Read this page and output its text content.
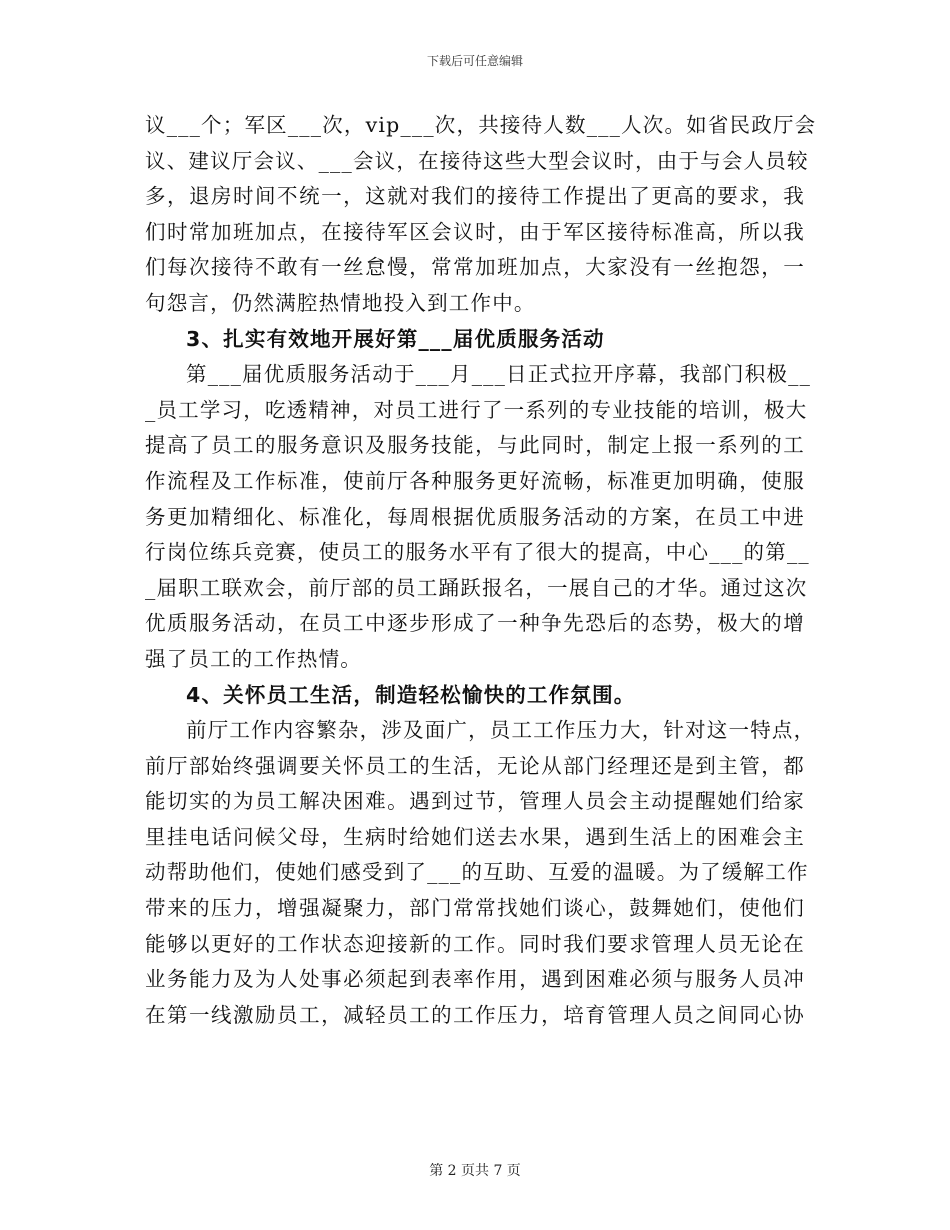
下载后可任意编辑
议___个；军区___次，vip___次，共接待人数___人次。如省民政厅会
议、建议厅会议、___会议，在接待这些大型会议时，由于与会人员较
多，退房时间不统一，这就对我们的接待工作提出了更高的要求，我
们时常加班加点，在接待军区会议时，由于军区接待标准高，所以我
们每次接待不敢有一丝怠慢，常常加班加点，大家没有一丝抱怨，一
句怨言，仍然满腔热情地投入到工作中。
3、扎实有效地开展好第___届优质服务活动
第___届优质服务活动于___月___日正式拉开序幕，我部门积极__
_员工学习，吃透精神，对员工进行了一系列的专业技能的培训，极大
提高了员工的服务意识及服务技能，与此同时，制定上报一系列的工
作流程及工作标准，使前厅各种服务更好流畅，标准更加明确，使服
务更加精细化、标准化，每周根据优质服务活动的方案，在员工中进
行岗位练兵竞赛，使员工的服务水平有了很大的提高，中心___的第__
_届职工联欢会，前厅部的员工踊跃报名，一展自己的才华。通过这次
优质服务活动，在员工中逐步形成了一种争先恐后的态势，极大的增
强了员工的工作热情。
4、关怀员工生活，制造轻松愉快的工作氛围。
前厅工作内容繁杂，涉及面广，员工工作压力大，针对这一特点，
前厅部始终强调要关怀员工的生活，无论从部门经理还是到主管，都
能切实的为员工解决困难。遇到过节，管理人员会主动提醒她们给家
里挂电话问候父母，生病时给她们送去水果，遇到生活上的困难会主
动帮助他们，使她们感受到了___的互助、互爱的温暖。为了缓解工作
带来的压力，增强凝聚力，部门常常找她们谈心，鼓舞她们，使他们
能够以更好的工作状态迎接新的工作。同时我们要求管理人员无论在
业务能力及为人处事必须起到表率作用，遇到困难必须与服务人员冲
在第一线激励员工，减轻员工的工作压力，培育管理人员之间同心协
第 2 页共 7 页
